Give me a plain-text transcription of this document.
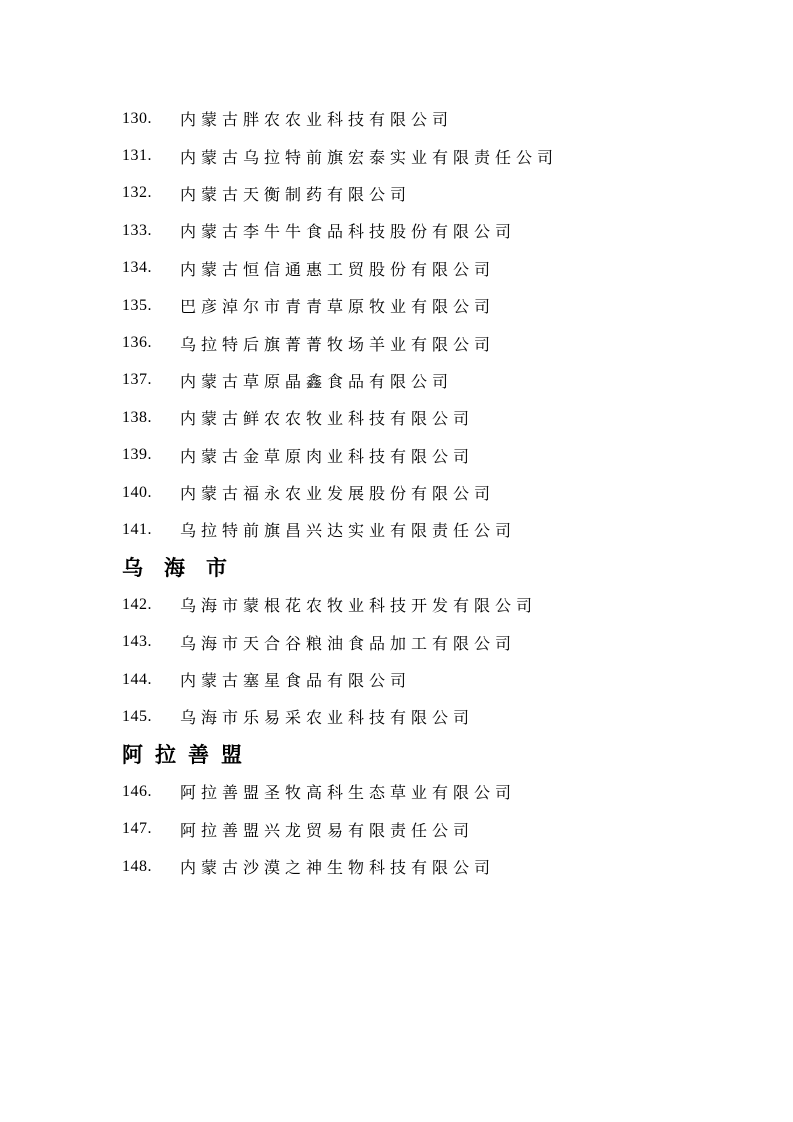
130.	内蒙古胖农农业科技有限公司
131.	内蒙古乌拉特前旗宏泰实业有限责任公司
132.	内蒙古天衡制药有限公司
133.	内蒙古李牛牛食品科技股份有限公司
134.	内蒙古恒信通惠工贸股份有限公司
135.	巴彦淖尔市青青草原牧业有限公司
136.	乌拉特后旗菁菁牧场羊业有限公司
137.	内蒙古草原晶鑫食品有限公司
138.	内蒙古鲜农农牧业科技有限公司
139.	内蒙古金草原肉业科技有限公司
140.	内蒙古福永农业发展股份有限公司
141.	乌拉特前旗昌兴达实业有限责任公司
乌海市
142.	乌海市蒙根花农牧业科技开发有限公司
143.	乌海市天合谷粮油食品加工有限公司
144.	内蒙古塞星食品有限公司
145.	乌海市乐易采农业科技有限公司
阿拉善盟
146.	阿拉善盟圣牧高科生态草业有限公司
147.	阿拉善盟兴龙贸易有限责任公司
148.	内蒙古沙漠之神生物科技有限公司
